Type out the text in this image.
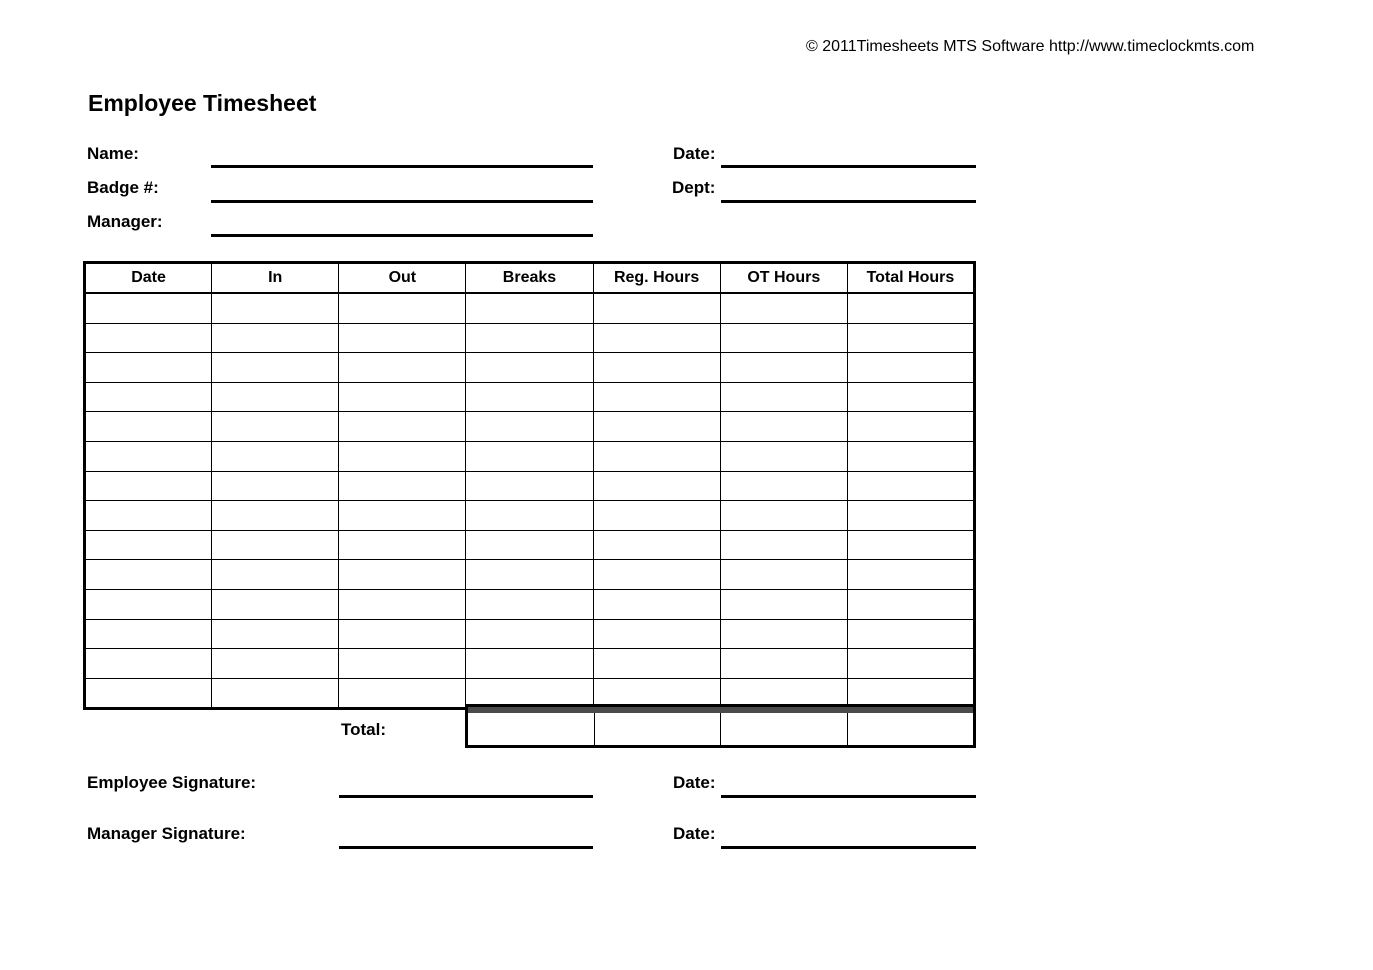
© 2011Timesheets MTS Software http://www.timeclockmts.com
Employee Timesheet
Name:
Badge #:
Manager:
Date:
Dept:
Date	In	Out	Breaks	Reg. Hours	OT Hours	Total Hours

Total:
Employee Signature:	Date:
Manager Signature:	Date:
